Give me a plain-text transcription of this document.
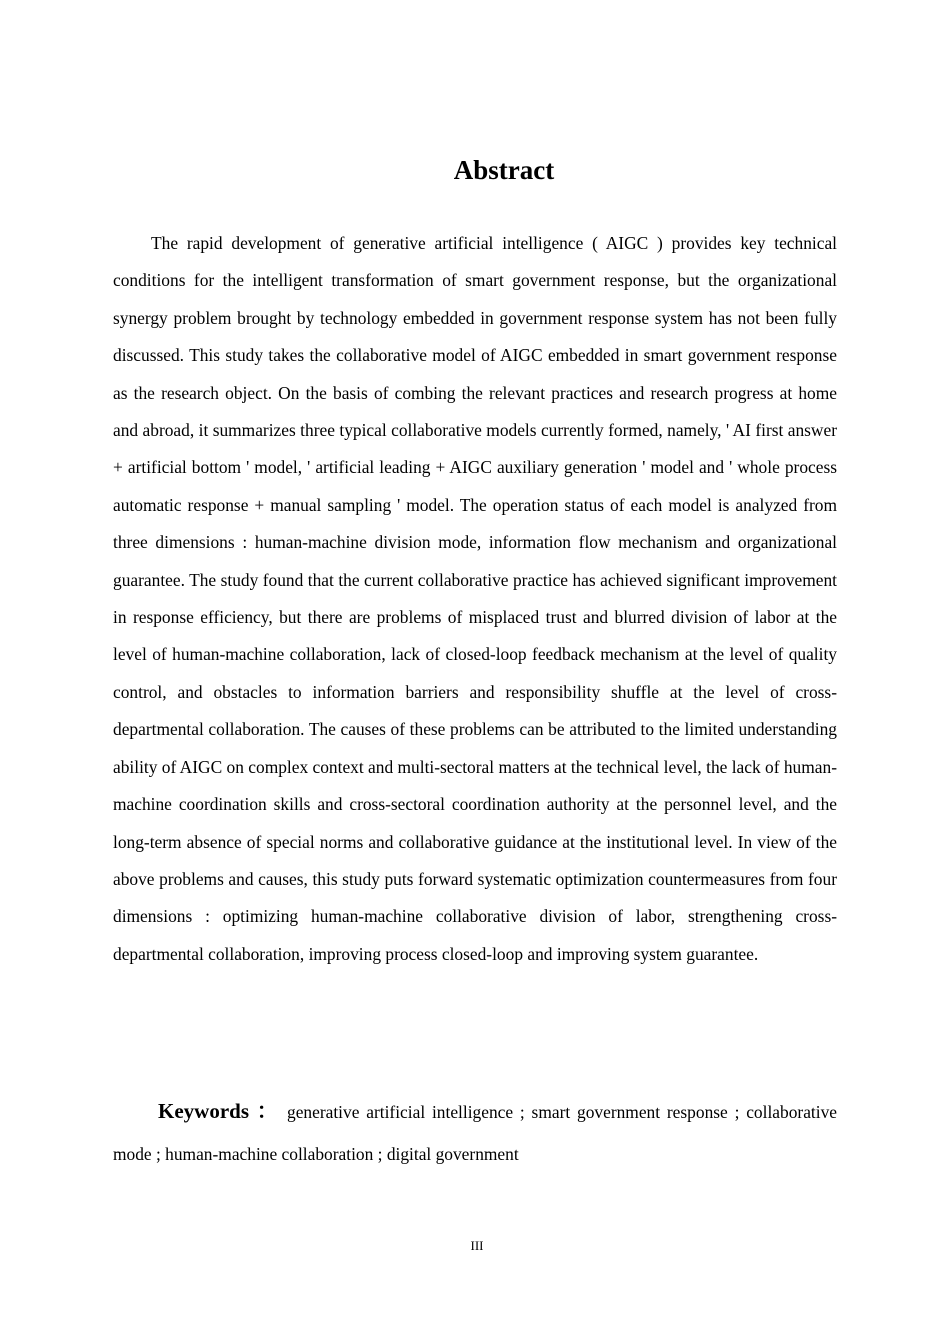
Abstract

The rapid development of generative artificial intelligence ( AIGC ) provides key technical conditions for the intelligent transformation of smart government response, but the organizational synergy problem brought by technology embedded in government response system has not been fully discussed. This study takes the collaborative model of AIGC embedded in smart government response as the research object. On the basis of combing the relevant practices and research progress at home and abroad, it summarizes three typical collaborative models currently formed, namely, ' AI first answer + artificial bottom ' model, ' artificial leading + AIGC auxiliary generation ' model and ' whole process automatic response + manual sampling ' model. The operation status of each model is analyzed from three dimensions : human-machine division mode, information flow mechanism and organizational guarantee. The study found that the current collaborative practice has achieved significant improvement in response efficiency, but there are problems of misplaced trust and blurred division of labor at the level of human-machine collaboration, lack of closed-loop feedback mechanism at the level of quality control, and obstacles to information barriers and responsibility shuffle at the level of cross-departmental collaboration. The causes of these problems can be attributed to the limited understanding ability of AIGC on complex context and multi-sectoral matters at the technical level, the lack of human-machine coordination skills and cross-sectoral coordination authority at the personnel level, and the long-term absence of special norms and collaborative guidance at the institutional level. In view of the above problems and causes, this study puts forward systematic optimization countermeasures from four dimensions : optimizing human-machine collaborative division of labor, strengthening cross-departmental collaboration, improving process closed-loop and improving system guarantee.

Keywords ： generative artificial intelligence ; smart government response ; collaborative mode ; human-machine collaboration ; digital government

III
